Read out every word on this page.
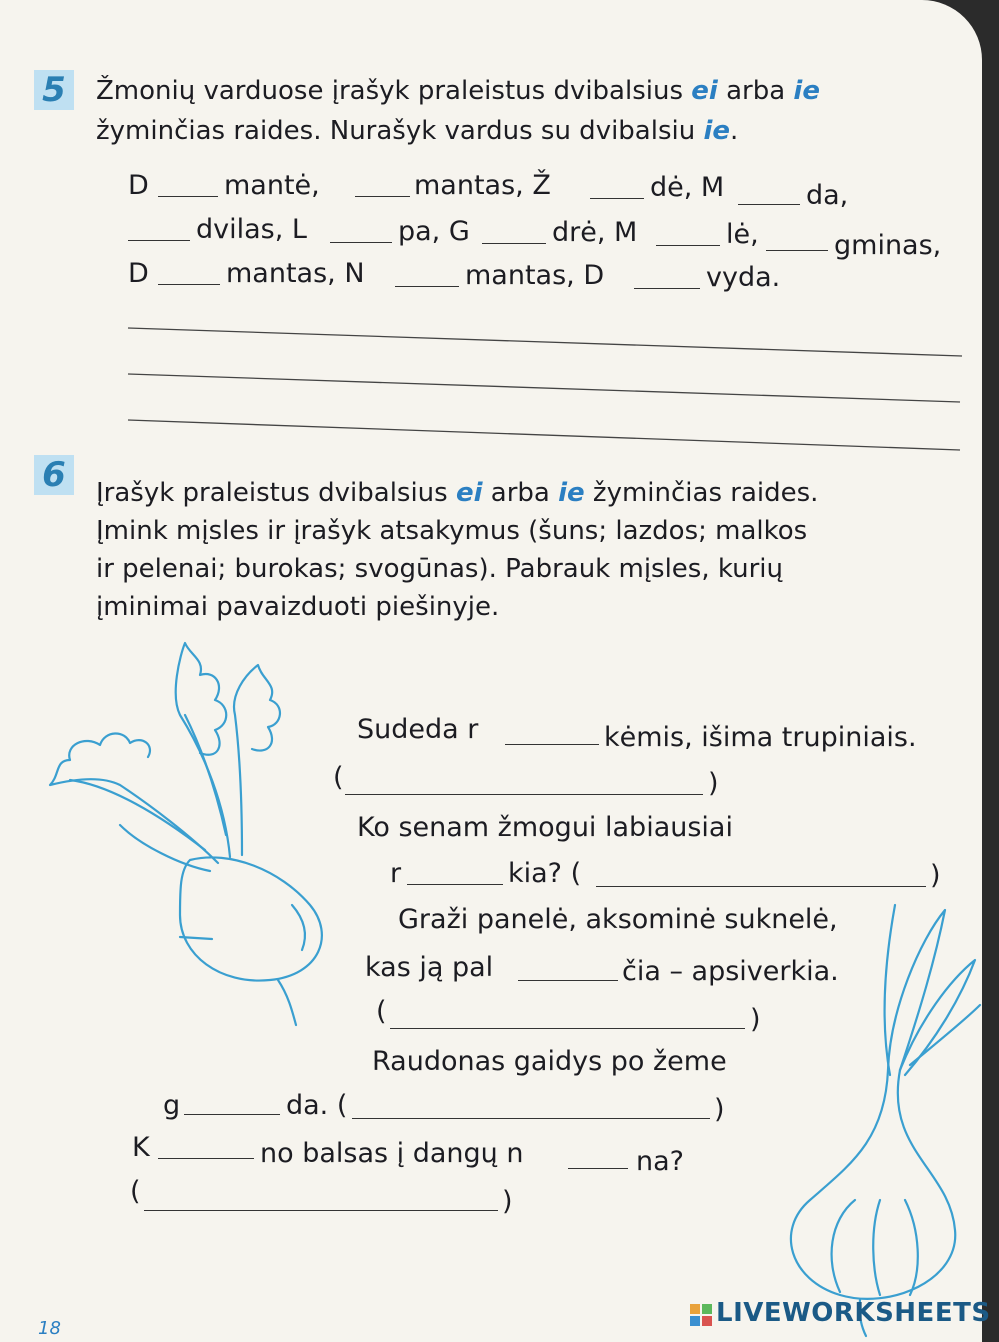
5 Žmonių varduose įrašyk praleistus dvibalsius ei arba ie
žyminčias raides. Nurašyk vardus su dvibalsiu ie.
D	mantė,	mantas, Ž	dė, M	da,
dvilas, L	pa, G	drė, M	lė,	gminas,
D	mantas, N	mantas, D	vyda.
6 Įrašyk praleistus dvibalsius ei arba ie žyminčias raides.
Įmink mįsles ir įrašyk atsakymus (šuns; lazdos; malkos
ir pelenai; burokas; svogūnas). Pabrauk mįsles, kurių
įminimai pavaizduoti piešinyje.
Sudeda r	kėmis, išima trupiniais.
(	)
Ko senam žmogui labiausiai
r	kia? (	)
Graži panelė, aksominė suknelė,
kas ją pal	čia – apsiverkia.
(	)
Raudonas gaidys po žeme
g	da. (	)
K	no balsas į dangų n	na?
(	)
18
LIVEWORKSHEETS
